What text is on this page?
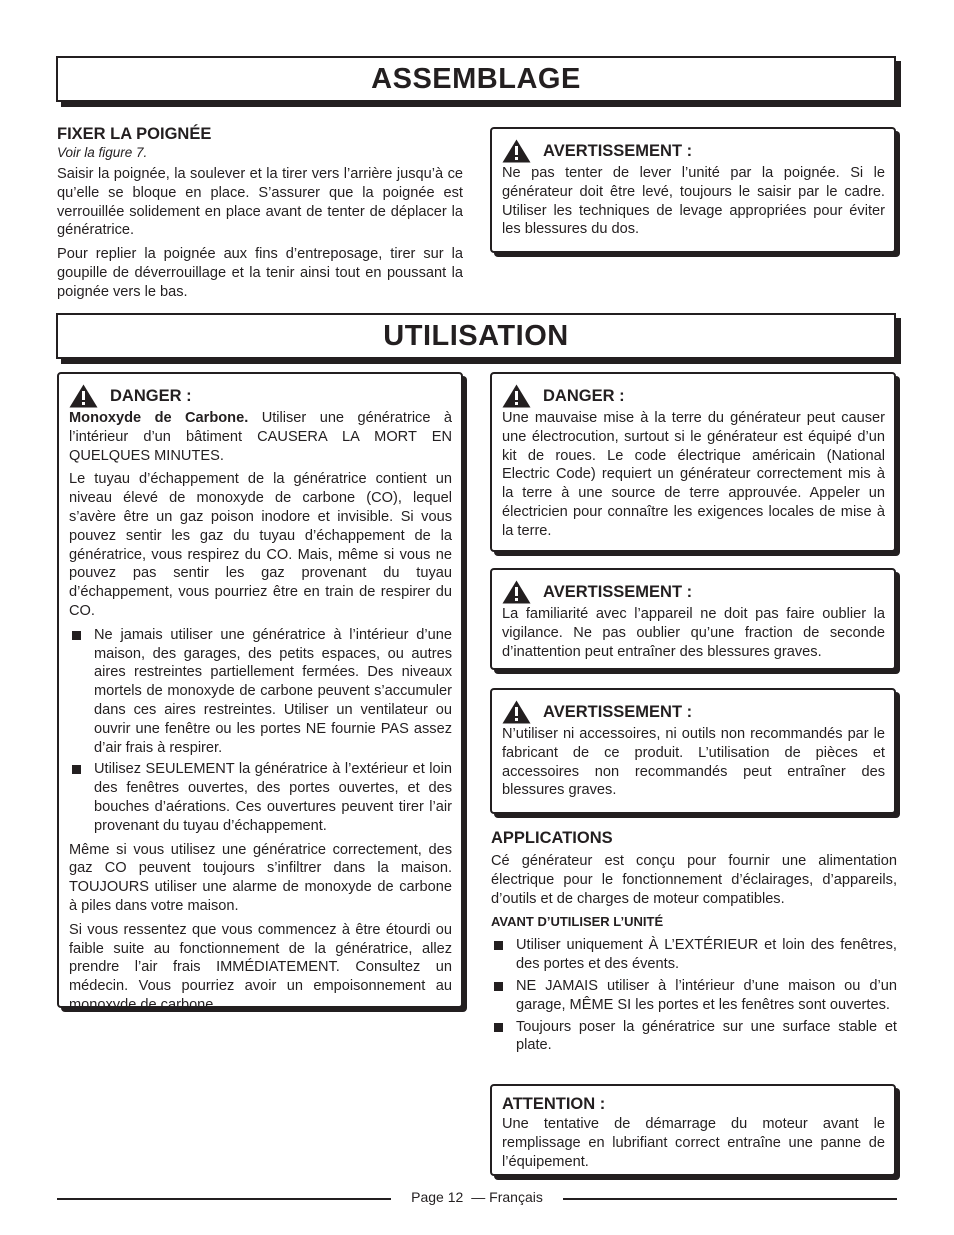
ASSEMBLAGE
FIXER LA POIGNÉE

Voir la figure 7.

Saisir la poignée, la soulever et la tirer vers l’arrière jusqu’à ce qu’elle se bloque en place. S’assurer que la poignée est verrouillée solidement en place avant de tenter de déplacer la génératrice.

Pour replier la poignée aux fins d’entreposage, tirer sur la goupille de déverrouillage et la tenir ainsi tout en poussant la poignée vers le bas.

AVERTISSEMENT :

Ne pas tenter de lever l’unité par la poignée. Si le générateur doit être levé, toujours le saisir par le cadre. Utiliser les techniques de levage appropriées pour éviter les blessures du dos.

UTILISATION
DANGER :

Monoxyde de Carbone. Utiliser une génératrice à l’intérieur d’un bâtiment CAUSERA LA MORT EN QUELQUES MINUTES.

Le tuyau d’échappement de la génératrice contient un niveau élevé de monoxyde de carbone (CO), lequel s’avère être un gaz poison inodore et invisible. Si vous pouvez sentir les gaz du tuyau d’échappement de la génératrice, vous respirez du CO. Mais, même si vous ne pouvez pas sentir les gaz provenant du tuyau d’échappement, vous pourriez être en train de respirer du CO.

Ne jamais utiliser une génératrice à l’intérieur d’une maison, des garages, des petits espaces, ou autres aires restreintes partiellement fermées. Des niveaux mortels de monoxyde de carbone peuvent s’accumuler dans ces aires restreintes. Utiliser un ventilateur ou ouvrir une fenêtre ou les portes NE fournie PAS assez d’air frais à respirer.
Utilisez SEULEMENT la génératrice à l’extérieur et loin des fenêtres ouvertes, des portes ouvertes, et des bouches d’aérations. Ces ouvertures peuvent tirer l’air provenant du tuyau d’échappement.

Même si vous utilisez une génératrice correctement, des gaz CO peuvent toujours s’infiltrer dans la maison. TOUJOURS utiliser une alarme de monoxyde de carbone à piles dans votre maison.

Si vous ressentez que vous commencez à être étourdi ou faible suite au fonctionnement de la génératrice, allez prendre l’air frais IMMÉDIATEMENT. Consultez un médecin. Vous pourriez avoir un empoisonnement au monoxyde de carbone.

DANGER :

Une mauvaise mise à la terre du générateur peut causer une électrocution, surtout si le générateur est équipé d’un kit de roues. Le code électrique américain (National Electric Code) requiert un générateur correctement mis à la terre à une source de terre approuvée. Appeler un électricien pour connaître les exigences locales de mise à la terre.

AVERTISSEMENT :

La familiarité avec l’appareil ne doit pas faire oublier la vigilance. Ne pas oublier qu’une fraction de seconde d’inattention peut entraîner des blessures graves.

AVERTISSEMENT :

N’utiliser ni accessoires, ni outils non recommandés par le fabricant de ce produit. L’utilisation de pièces et accessoires non recommandés peut entraîner des blessures graves.

APPLICATIONS

Cé générateur est conçu pour fournir une alimentation électrique pour le fonctionnement d’éclairages, d’appareils, d’outils et de charges de moteur compatibles.

AVANT D’UTILISER L’UNITÉ

Utiliser uniquement À L’EXTÉRIEUR et loin des fenêtres, des portes et des évents.
NE JAMAIS utiliser à l’intérieur d’une maison ou d’un garage, MÊME SI les portes et les fenêtres sont ouvertes.
Toujours poser la génératrice sur une surface stable et plate.
ATTENTION :

Une tentative de démarrage du moteur avant le remplissage en lubrifiant correct entraîne une panne de l’équipement.

Page 12 — Français
